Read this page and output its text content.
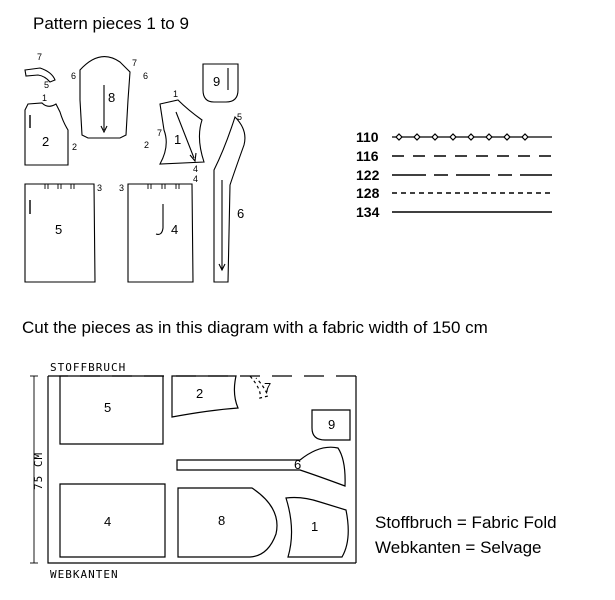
Pattern pieces 1 to 9
2
8
1
9
6
5	4
7
5
6
7
6
1	1
2
7
2
3 3
4
4
5
110
116
122
128
134
STOFFBRUCH
WEBKANTEN
75 CM
5
2	7
9
6
4	8	1
Cut the pieces as in this diagram with a fabric width of 150 cm
Stoffbruch = Fabric Fold
Webkanten = Selvage
